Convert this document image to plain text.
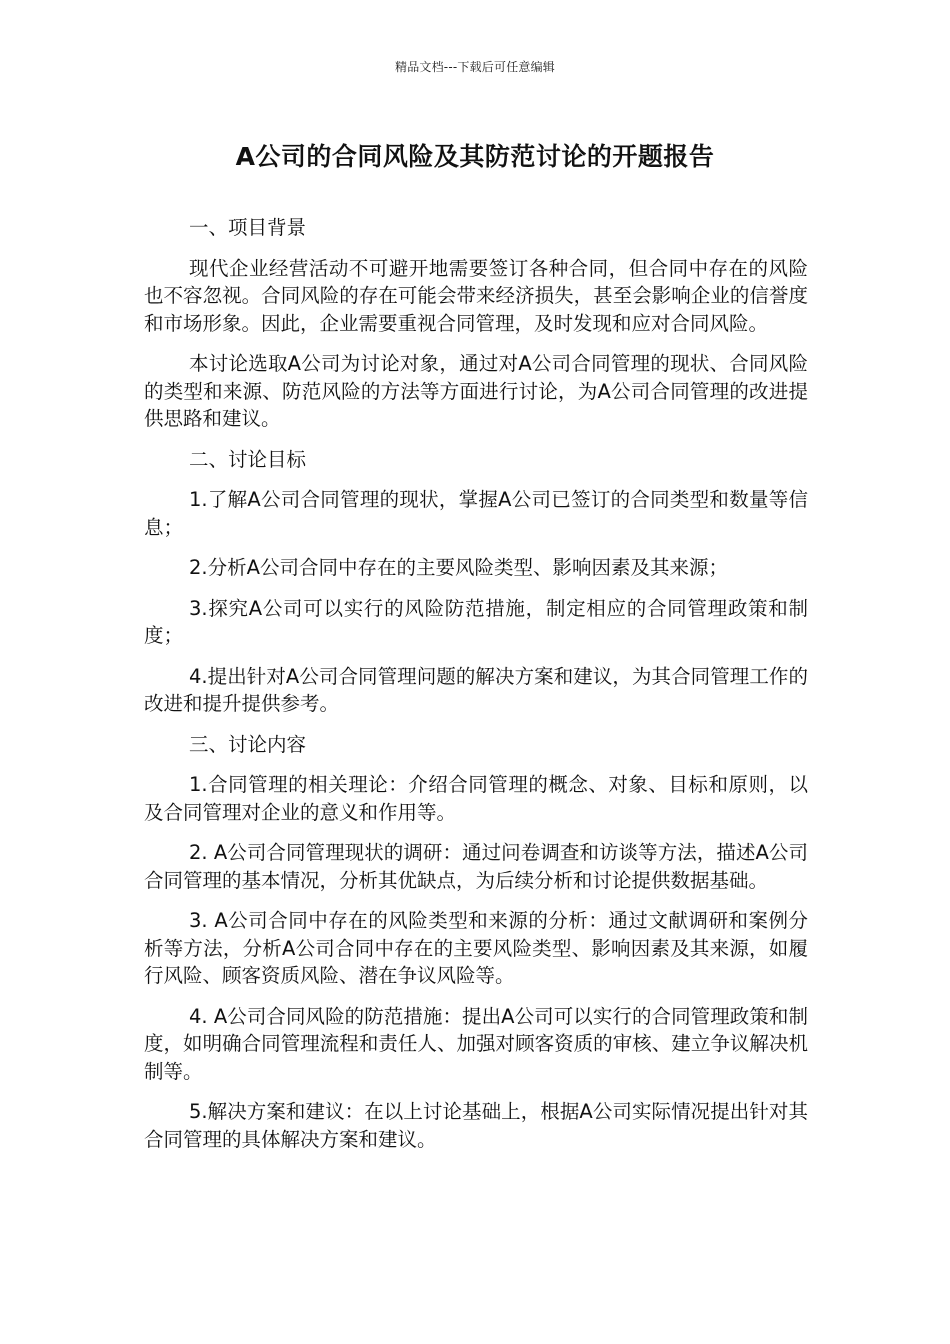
精品文档---下载后可任意编辑
A公司的合同风险及其防范讨论的开题报告

一、项目背景

现代企业经营活动不可避开地需要签订各种合同，但合同中存在的风险也不容忽视。合同风险的存在可能会带来经济损失，甚至会影响企业的信誉度和市场形象。因此，企业需要重视合同管理，及时发现和应对合同风险。

本讨论选取A公司为讨论对象，通过对A公司合同管理的现状、合同风险的类型和来源、防范风险的方法等方面进行讨论，为A公司合同管理的改进提供思路和建议。

二、讨论目标

1.了解A公司合同管理的现状，掌握A公司已签订的合同类型和数量等信息；

2.分析A公司合同中存在的主要风险类型、影响因素及其来源；

3.探究A公司可以实行的风险防范措施，制定相应的合同管理政策和制度；

4.提出针对A公司合同管理问题的解决方案和建议，为其合同管理工作的改进和提升提供参考。

三、讨论内容

1.合同管理的相关理论：介绍合同管理的概念、对象、目标和原则，以及合同管理对企业的意义和作用等。

2. A公司合同管理现状的调研：通过问卷调查和访谈等方法，描述A公司合同管理的基本情况，分析其优缺点，为后续分析和讨论提供数据基础。

3. A公司合同中存在的风险类型和来源的分析：通过文献调研和案例分析等方法，分析A公司合同中存在的主要风险类型、影响因素及其来源，如履行风险、顾客资质风险、潜在争议风险等。

4. A公司合同风险的防范措施：提出A公司可以实行的合同管理政策和制度，如明确合同管理流程和责任人、加强对顾客资质的审核、建立争议解决机制等。

5.解决方案和建议：在以上讨论基础上，根据A公司实际情况提出针对其合同管理的具体解决方案和建议。
